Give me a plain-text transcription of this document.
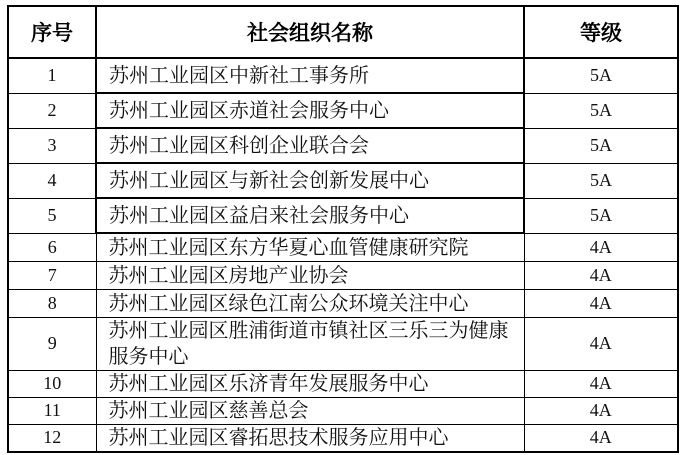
序号	社会组织名称	等级
1	苏州工业园区中新社工事务所	5A
2	苏州工业园区赤道社会服务中心	5A
3	苏州工业园区科创企业联合会	5A
4	苏州工业园区与新社会创新发展中心	5A
5	苏州工业园区益启来社会服务中心	5A
6	苏州工业园区东方华夏心血管健康研究院	4A
7	苏州工业园区房地产业协会	4A
8	苏州工业园区绿色江南公众环境关注中心	4A
9	苏州工业园区胜浦街道市镇社区三乐三为健康服务中心	4A
10	苏州工业园区乐济青年发展服务中心	4A
11	苏州工业园区慈善总会	4A
12	苏州工业园区睿拓思技术服务应用中心	4A
